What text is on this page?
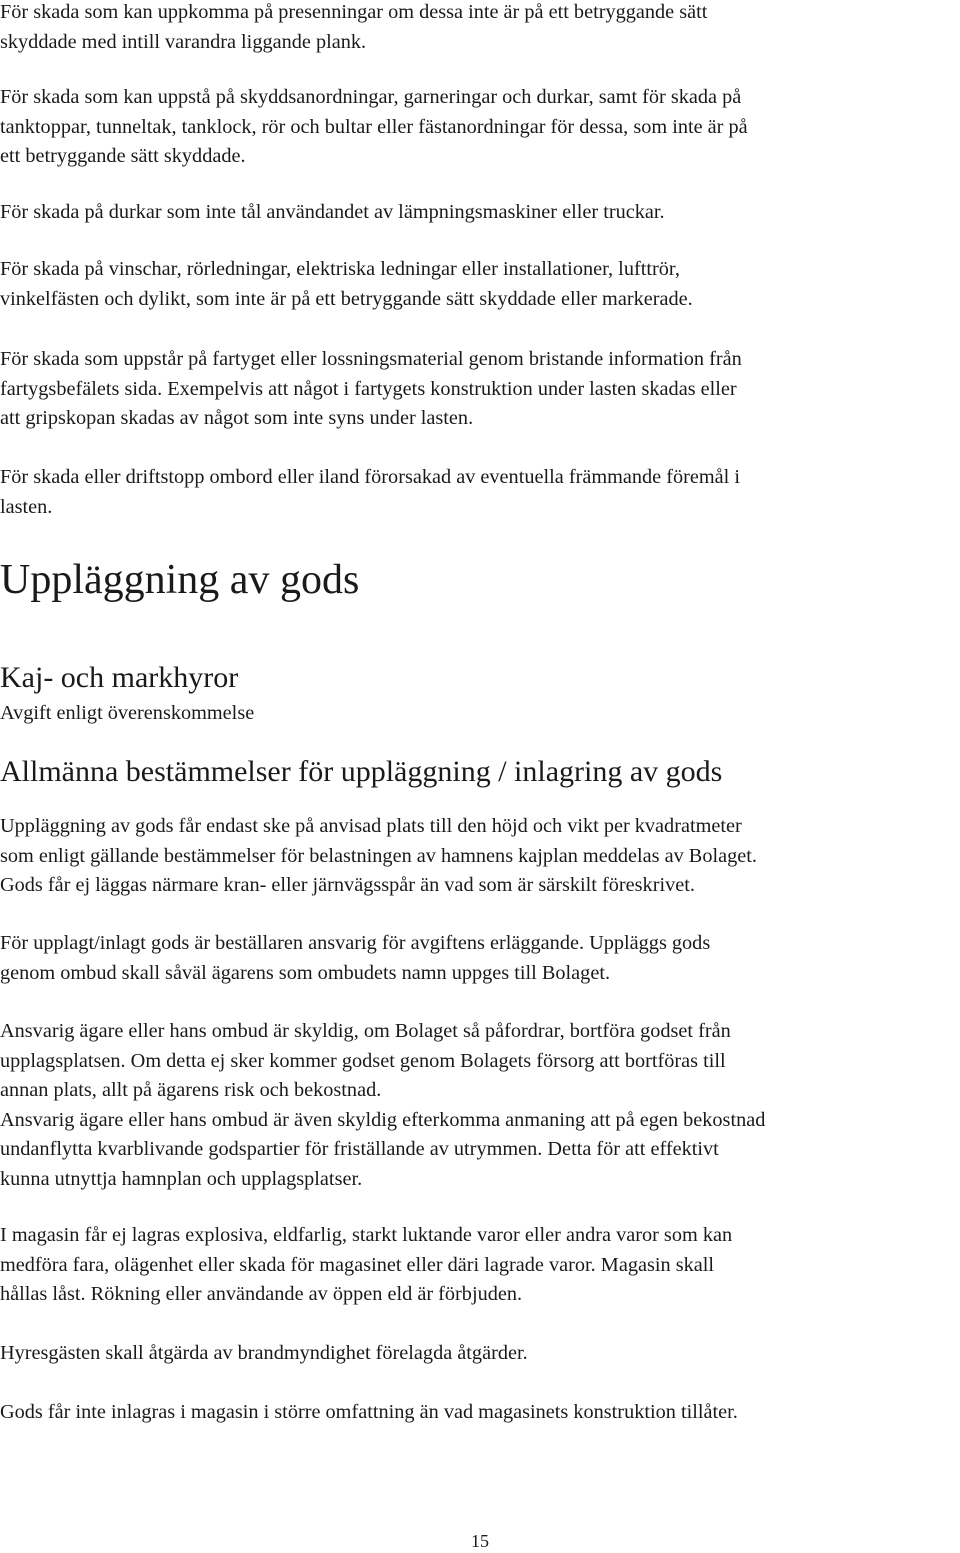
För skada som kan uppkomma på presenningar om dessa inte är på ett betryggande sätt
skyddade med intill varandra liggande plank.
För skada som kan uppstå på skyddsanordningar, garneringar och durkar, samt för skada på
tanktoppar, tunneltak, tanklock, rör och bultar eller fästanordningar för dessa, som inte är på
ett betryggande sätt skyddade.
För skada på durkar som inte tål användandet av lämpningsmaskiner eller truckar.
För skada på vinschar, rörledningar, elektriska ledningar eller installationer, lufttrör,
vinkelfästen och dylikt, som inte är på ett betryggande sätt skyddade eller markerade.
För skada som uppstår på fartyget eller lossningsmaterial genom bristande information från
fartygsbefälets sida. Exempelvis att något i fartygets konstruktion under lasten skadas eller
att gripskopan skadas av något som inte syns under lasten.
För skada eller driftstopp ombord eller iland förorsakad av eventuella främmande föremål i
lasten.
Uppläggning av gods
Kaj- och markhyror
Avgift enligt överenskommelse
Allmänna bestämmelser för uppläggning / inlagring av gods
Uppläggning av gods får endast ske på anvisad plats till den höjd och vikt per kvadratmeter
som enligt gällande bestämmelser för belastningen av hamnens kajplan meddelas av Bolaget.
Gods får ej läggas närmare kran- eller järnvägsspår än vad som är särskilt föreskrivet.
För upplagt/inlagt gods är beställaren ansvarig för avgiftens erläggande. Uppläggs gods
genom ombud skall såväl ägarens som ombudets namn uppges till Bolaget.
Ansvarig ägare eller hans ombud är skyldig, om Bolaget så påfordrar, bortföra godset från
upplagsplatsen. Om detta ej sker kommer godset genom Bolagets försorg att bortföras till
annan plats, allt på ägarens risk och bekostnad.
Ansvarig ägare eller hans ombud är även skyldig efterkomma anmaning att på egen bekostnad
undanflytta kvarblivande godspartier för friställande av utrymmen. Detta för att effektivt
kunna utnyttja hamnplan och upplagsplatser.
I magasin får ej lagras explosiva, eldfarlig, starkt luktande varor eller andra varor som kan
medföra fara, olägenhet eller skada för magasinet eller däri lagrade varor. Magasin skall
hållas låst. Rökning eller användande av öppen eld är förbjuden.
Hyresgästen skall åtgärda av brandmyndighet förelagda åtgärder.
Gods får inte inlagras i magasin i större omfattning än vad magasinets konstruktion tillåter.
15
